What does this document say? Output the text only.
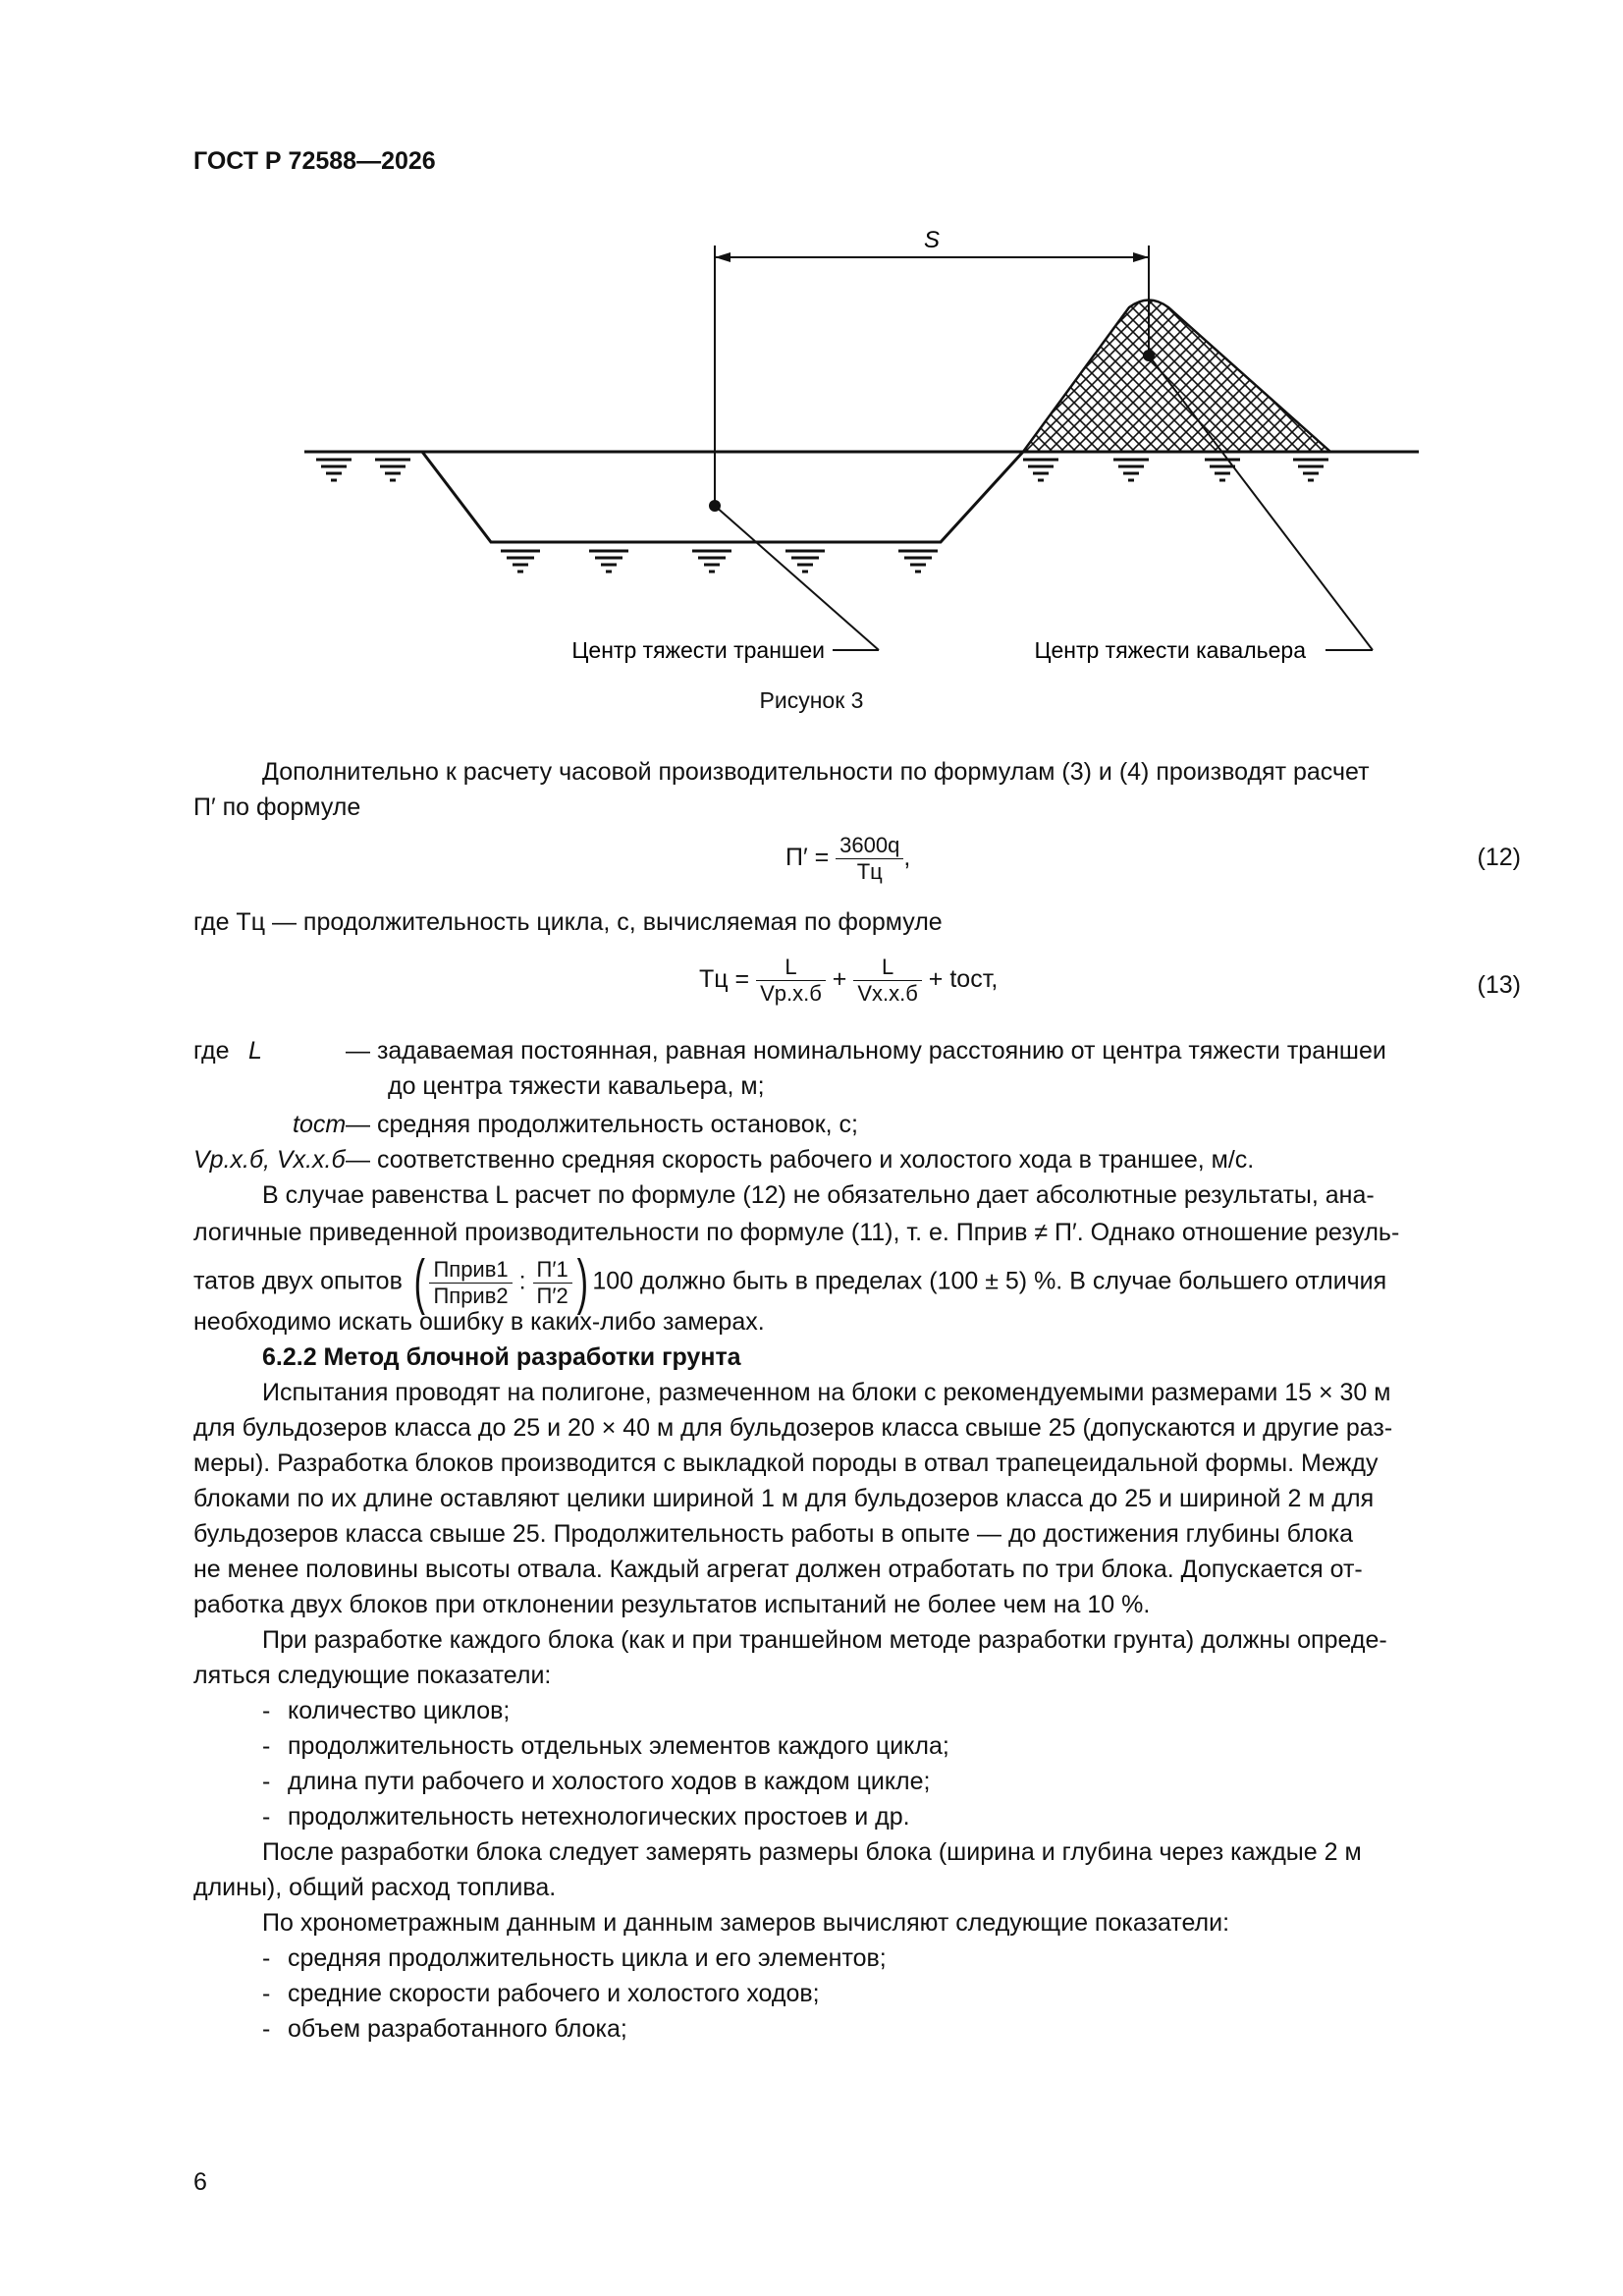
ГОСТ Р 72588—2026
S
Центр тяжести траншеи	Центр тяжести кавальера
Рисунок 3
Дополнительно к расчету часовой производительности по формулам (3) и (4) производят расчет
П′ по формуле
$П' = \frac{3600q}{Tц}$ ,	(12)
где Tц — продолжительность цикла, с, вычисляемая по формуле
Tц = $\frac{L}{Vр.х.б} + \frac{L}{Vх.х.б}$ + tост,	(13)
где L	— задаваемая постоянная, равная номинальному расстоянию от центра тяжести траншеи
до центра тяжести кавальера, м;
tост — средняя продолжительность остановок, с;
Vр.х.б, Vх.х.б — соответственно средняя скорость рабочего и холостого хода в траншее, м/с.
В случае равенства L расчет по формуле (12) не обязательно дает абсолютные результаты, ана-
логичные приведенной производительности по формуле (11), т. е. Пприв ≠ П′. Однако отношение резуль-
татов двух опытов ( $\frac{\text{Пприв1}}{\text{Пприв2}}$ : $\frac{П'1}{П'2}$ ) 100 должно быть в пределах (100 ± 5) %. В случае большего отличия
необходимо искать ошибку в каких-либо замерах.
6.2.2 Метод блочной разработки грунта
Испытания проводят на полигоне, размеченном на блоки с рекомендуемыми размерами 15 × 30 м
для бульдозеров класса до 25 и 20 × 40 м для бульдозеров класса свыше 25 (допускаются и другие раз-
меры). Разработка блоков производится с выкладкой породы в отвал трапецеидальной формы. Между
блоками по их длине оставляют целики шириной 1 м для бульдозеров класса до 25 и шириной 2 м для
бульдозеров класса свыше 25. Продолжительность работы в опыте — до достижения глубины блока
не менее половины высоты отвала. Каждый агрегат должен отработать по три блока. Допускается от-
работка двух блоков при отклонении результатов испытаний не более чем на 10 %.
При разработке каждого блока (как и при траншейном методе разработки грунта) должны опреде-
ляться следующие показатели:
- количество циклов;
- продолжительность отдельных элементов каждого цикла;
- длина пути рабочего и холостого ходов в каждом цикле;
- продолжительность нетехнологических простоев и др.
После разработки блока следует замерять размеры блока (ширина и глубина через каждые 2 м
длины), общий расход топлива.
По хронометражным данным и данным замеров вычисляют следующие показатели:
- средняя продолжительность цикла и его элементов;
- средние скорости рабочего и холостого ходов;
- объем разработанного блока;
6
